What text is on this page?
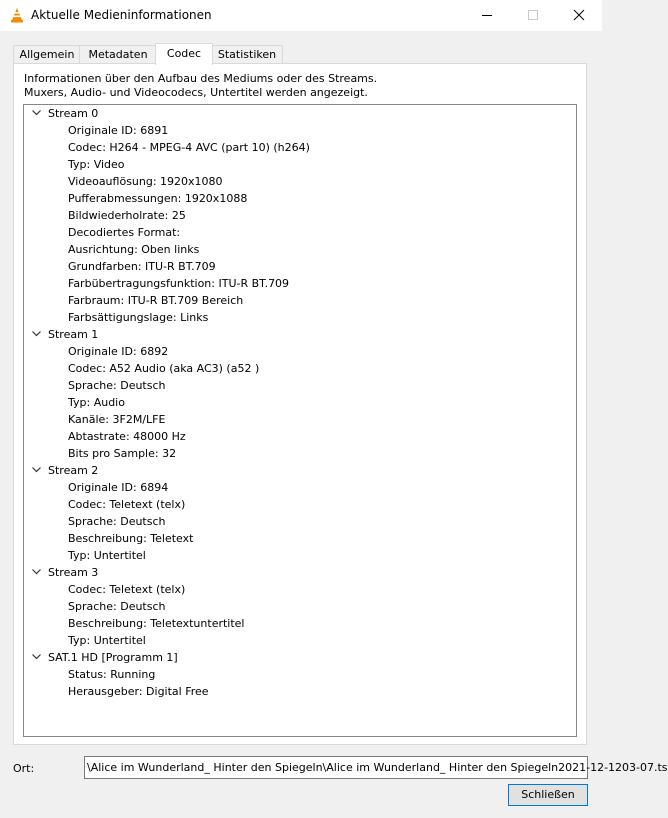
Aktuelle Medieninformationen
Allgemein	Metadaten	Codec	Statistiken
Informationen über den Aufbau des Mediums oder des Streams.
Muxers, Audio- und Videocodecs, Untertitel werden angezeigt.
Stream 0
Originale ID: 6891
Codec: H264 - MPEG-4 AVC (part 10) (h264)
Typ: Video
Videoauflösung: 1920x1080
Pufferabmessungen: 1920x1088
Bildwiederholrate: 25
Decodiertes Format:
Ausrichtung: Oben links
Grundfarben: ITU-R BT.709
Farbübertragungsfunktion: ITU-R BT.709
Farbraum: ITU-R BT.709 Bereich
Farbsättigungslage: Links
Stream 1
Originale ID: 6892
Codec: A52 Audio (aka AC3) (a52 )
Sprache: Deutsch
Typ: Audio
Kanäle: 3F2M/LFE
Abtastrate: 48000 Hz
Bits pro Sample: 32
Stream 2
Originale ID: 6894
Codec: Teletext (telx)
Sprache: Deutsch
Beschreibung: Teletext
Typ: Untertitel
Stream 3
Codec: Teletext (telx)
Sprache: Deutsch
Beschreibung: Teletextuntertitel
Typ: Untertitel
SAT.1 HD [Programm 1]
Status: Running
Herausgeber: Digital Free
Ort:	\Alice im Wunderland_ Hinter den Spiegeln\Alice im Wunderland_ Hinter den Spiegeln2021-12-1203-07.ts
Schließen
